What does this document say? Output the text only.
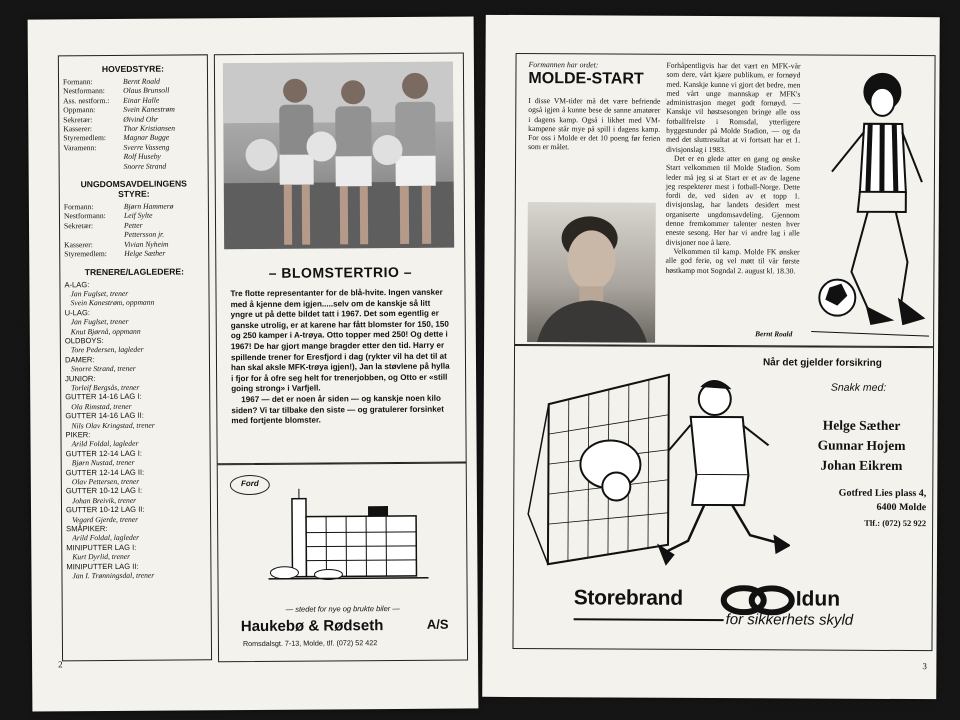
HOVEDSTYRE:
Formann:	Bernt Roald
Nestformann:	Olaus Brunsoll
Ass. nestform.:	Einar Halle
Oppmann:	Svein Kanestrøm
Sekretær:	Øivind Ohr
Kasserer:	Thor Kristiansen
Styremedlem:	Magnar Bugge
Varamenn:	Sverre Vasseng
Rolf Huseby
Snorre Strand
UNGDOMSAVDELINGENS STYRE:
Formann:	Bjørn Hammerø
Nestformann:	Leif Sylte
Sekretær:	Petter
Pettersson jr.
Kasserer:	Vivian Nyheim
Styremedlem:	Helge Sæther
TRENERE/LAGLEDERE:
A-LAG:
Jan Fuglset, trener
Svein Kanestrøm, oppmann
U-LAG:
Jan Fuglset, trener
Knut Bjørnå, oppmann
OLDBOYS:
Tore Pedersen, lagleder
DAMER:
Snorre Strand, trener
JUNIOR:
Torleif Bergsås, trener
GUTTER 14-16 LAG I:
Ola Rimstad, trener
GUTTER 14-16 LAG II:
Nils Olav Kringstad, trener
PIKER:
Arild Foldal, lagleder
GUTTER 12-14 LAG I:
Bjørn Nustad, trener
GUTTER 12-14 LAG II:
Olav Pettersen, trener
GUTTER 10-12 LAG I:
Johan Breivik, trener
GUTTER 10-12 LAG II:
Vegard Gjerde, trener
SMÅPIKER:
Arild Foldal, lagleder
MINIPUTTER LAG I:
Kurt Dyrlid, trener
MINIPUTTER LAG II:
Jan I. Trønningsdal, trener
– BLOMSTERTRIO –

Tre flotte representanter for de blå-hvite. Ingen vansker med å kjenne dem igjen.....selv om de kanskje så litt yngre ut på dette bildet tatt i 1967. Det som egentlig er ganske utrolig, er at karene har fått blomster for 150, 150 og 250 kamper i A-trøya. Otto topper med 250! Og dette i 1967! De har gjort mange bragder etter den tid. Harry er spillende trener for Eresfjord i dag (rykter vil ha det til at han skal aksle MFK-trøya igjen!), Jan la støvlene på hylla i fjor for å ofre seg helt for trenerjobben, og Otto er «still going strong» i Varfjell.

1967 — det er noen år siden — og kanskje noen kilo siden? Vi tar tilbake den siste — og gratulerer forsinket med fortjente blomster.

Ford
— stedet for nye og brukte biler —
Haukebø & Rødseth	A/S
Romsdalsgt. 7-13, Molde, tlf. (072) 52 422
2
Formannen har ordet:
MOLDE-START

I disse VM-tider må det være befriende også igjen å kunne bese de sanne amatører i dagens kamp. Også i likhet med VM-kampene står mye på spill i dagens kamp. For oss i Molde er det 10 poeng før ferien som er målet.

Forhåpentligvis har det vært en MFK-vår som dere, vårt kjære publikum, er fornøyd med. Kanskje kunne vi gjort det bedre, men med vårt unge mannskap er MFK's administrasjon meget godt fornøyd. — Kanskje vil høstsesongen bringe alle oss fotballfrelste i Romsdal, ytterligere hyggestunder på Molde Stadion, — og da med det sluttresultat at vi fortsatt har et 1. divisjonslag i 1983.

Det er en glede atter en gang og ønske Start velkommen til Molde Stadion. Som leder må jeg si at Start er et av de lagene jeg respekterer mest i fotball-Norge. Dette fordi de, ved siden av et topp 1. divisjonslag, har landets desidert mest organiserte ungdomsavdeling. Gjennom denne fremkommer talenter nesten hver eneste sesong. Her har vi andre lag i alle divisjoner noe å lære.

Velkommen til kamp. Molde FK ønsker alle god ferie, og vel møtt til vår første høstkamp mot Sogndal 2. august kl. 18.30.

Bernt Roald
Når det gjelder forsikring
Snakk med:
Helge Sæther
Gunnar Hojem
Johan Eikrem
Gotfred Lies plass 4,
6400 Molde
Tlf.: (072) 52 922
Storebrand	Idun
for sikkerhets skyld
3
